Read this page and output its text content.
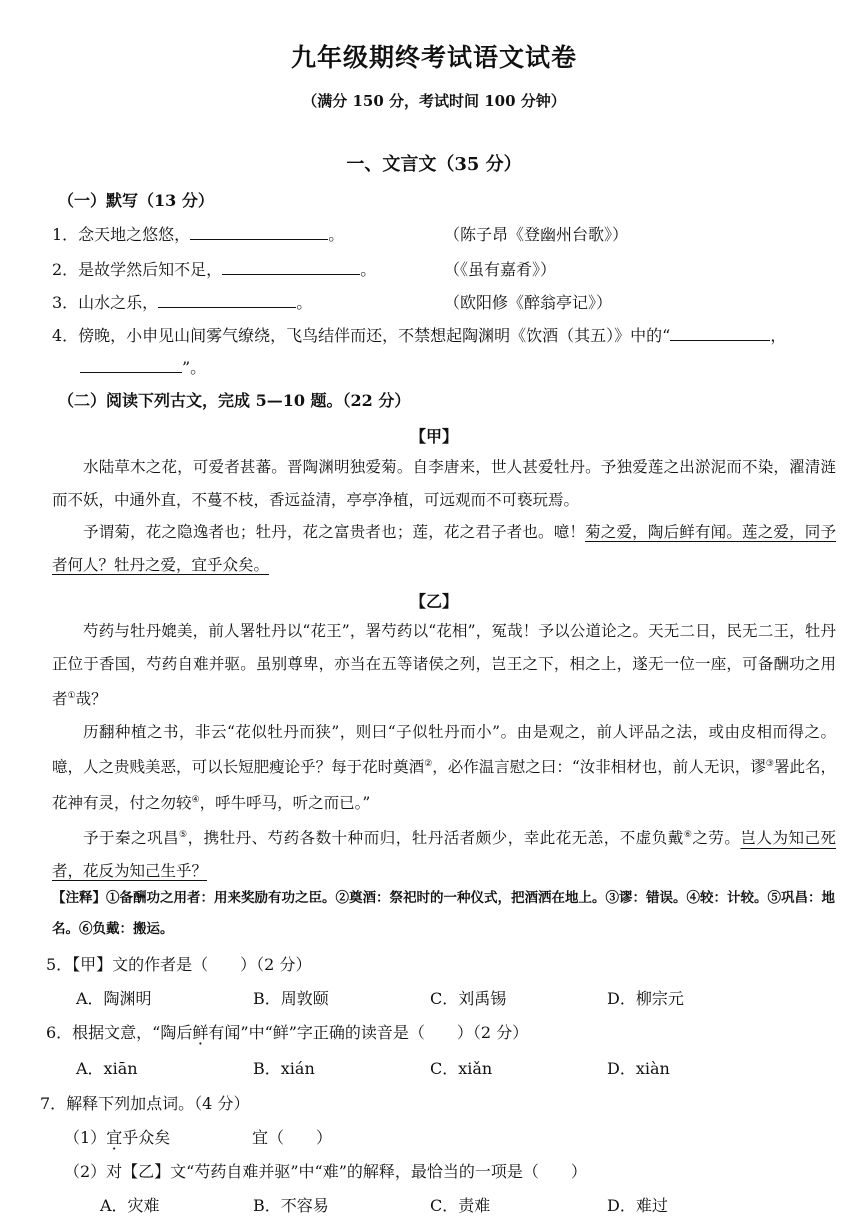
九年级期终考试语文试卷
（满分 150 分，考试时间 100 分钟）
一、文言文（35 分）
（一）默写（13 分）
1．念天地之悠悠，	。	（陈子昂《登幽州台歌》）
2．是故学然后知不足，	。	（《虽有嘉肴》）
3．山水之乐，	。	（欧阳修《醉翁亭记》）
4．傍晚，小申见山间雾气缭绕，飞鸟结伴而还，不禁想起陶渊明《饮酒（其五）》中的“	，
”。
（二）阅读下列古文，完成 5—10 题。（22 分）
【甲】

水陆草木之花，可爱者甚蕃。晋陶渊明独爱菊。自李唐来，世人甚爱牡丹。予独爱莲之出淤泥而不染，濯清涟而不妖，中通外直，不蔓不枝，香远益清，亭亭净植，可远观而不可亵玩焉。

予谓菊，花之隐逸者也；牡丹，花之富贵者也；莲，花之君子者也。噫！菊之爱，陶后鲜有闻。莲之爱，同予者何人？牡丹之爱，宜乎众矣。

【乙】

芍药与牡丹媲美，前人署牡丹以“花王”，署芍药以“花相”，冤哉！予以公道论之。天无二日，民无二王，牡丹正位于香国，芍药自难并驱。虽别尊卑，亦当在五等诸侯之列，岂王之下，相之上，遂无一位一座，可备酬功之用者①哉？

历翻种植之书，非云“花似牡丹而狭”，则曰“子似牡丹而小”。由是观之，前人评品之法，或由皮相而得之。噫，人之贵贱美恶，可以长短肥瘦论乎？每于花时奠酒②，必作温言慰之曰：“汝非相材也，前人无识，谬③署此名，花神有灵，付之勿较④，呼牛呼马，听之而已。”

予于秦之巩昌⑤，携牡丹、芍药各数十种而归，牡丹活者颇少，幸此花无恙，不虚负戴⑥之劳。岂人为知己死者，花反为知己生乎？

【注释】①备酬功之用者：用来奖励有功之臣。②奠酒：祭祀时的一种仪式，把酒洒在地上。③谬：错误。④较：计较。⑤巩昌：地名。⑥负戴：搬运。
5．【甲】文的作者是（　　）（2 分）
A．陶渊明	B．周敦颐	C．刘禹锡	D．柳宗元
6．根据文意，“陶后鲜有闻”中“鲜”字正确的读音是（　　）（2 分）
A．xiān	B．xián	C．xiǎn	D．xiàn
7．解释下列加点词。（4 分）
（1）宜乎众矣	宜（　　）
（2）对【乙】文“芍药自难并驱”中“难”的解释，最恰当的一项是（　　）
A．灾难	B．不容易	C．责难	D．难过
